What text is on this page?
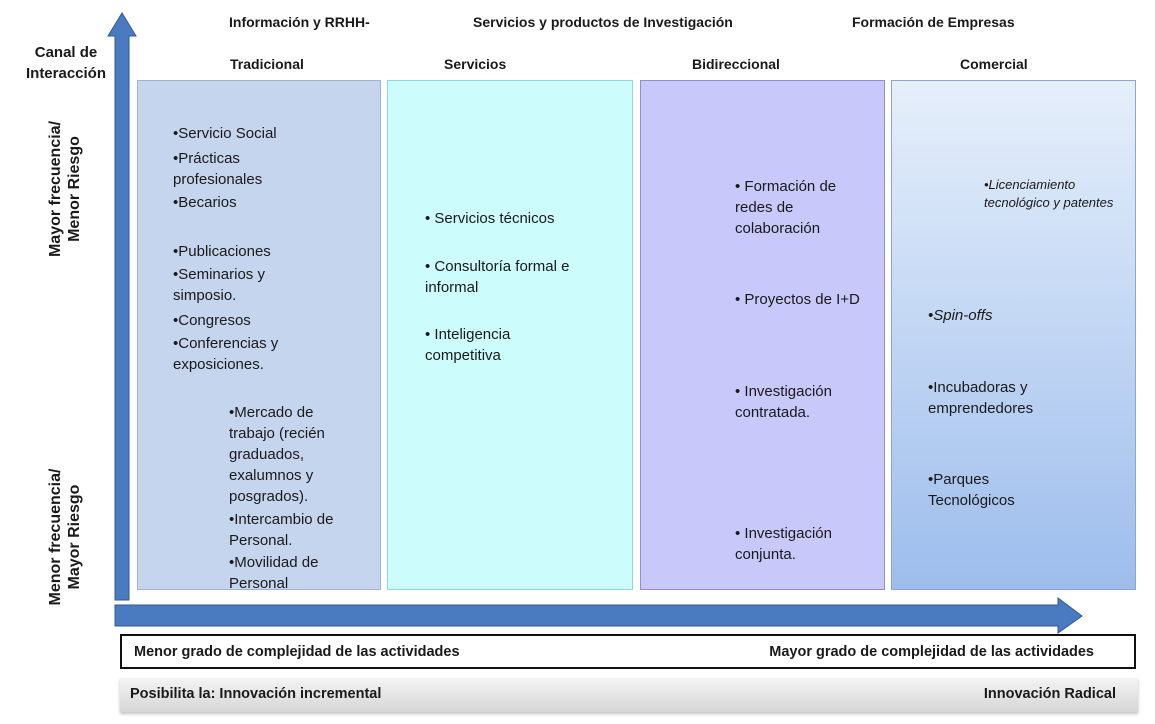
Canal de Interacción
Información y RRHH-	Servicios y productos de Investigación	Formación de Empresas
Tradicional	Servicios	Bidireccional	Comercial
•Servicio Social
•Prácticas profesionales
•Becarios
•Publicaciones
•Seminarios y simposio.
•Congresos
•Conferencias y exposiciones.
•Mercado de trabajo (recién graduados, exalumnos y posgrados).
•Intercambio de Personal.
•Movilidad de Personal
• Servicios técnicos
• Consultoría formal e informal
• Inteligencia competitiva
• Formación de redes de colaboración
• Proyectos de I+D
• Investigación contratada.
• Investigación conjunta.
•Licenciamiento tecnológico y patentes
•Spin-offs
•Incubadoras y emprendedores
•Parques Tecnológicos
Mayor frecuencia/ Menor Riesgo
Menor frecuencia/ Mayor Riesgo
Menor grado de complejidad de las actividades	Mayor grado de complejidad de las actividades
Posibilita la: Innovación incremental	Innovación Radical
